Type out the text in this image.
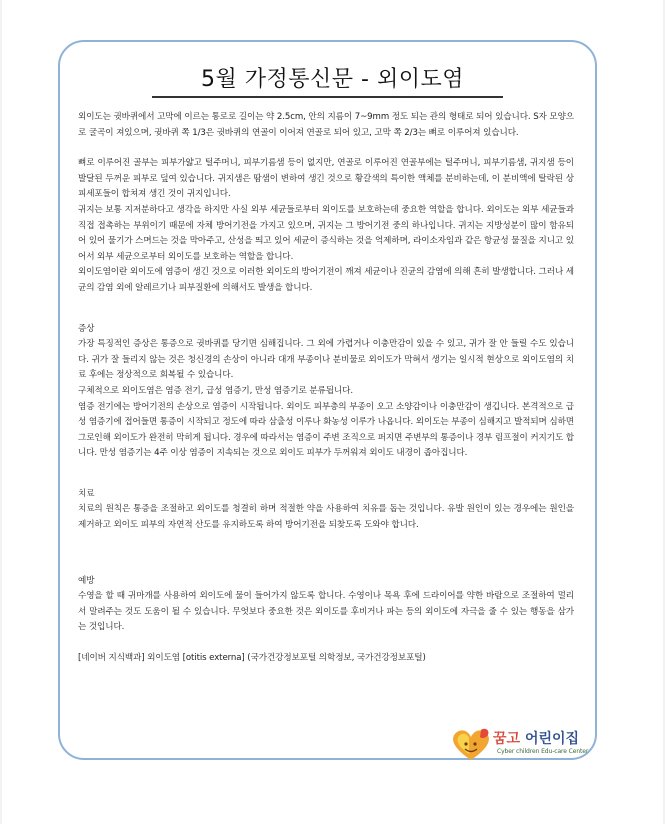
5월 가정통신문 - 외이도염

외이도는 귓바퀴에서 고막에 이르는 통로로 길이는 약 2.5cm, 안의 지름이 7~9mm 정도 되는 관의 형태로 되어 있습니다. S자 모양으로 굴곡이 져있으며, 귓바퀴 쪽 1/3은 귓바퀴의 연골이 이어져 연골로 되어 있고, 고막 쪽 2/3는 뼈로 이루어져 있습니다.

뼈로 이루어진 골부는 피부가얇고 털주머니, 피부기름샘 등이 없지만, 연골로 이루어진 연골부에는 털주머니, 피부기름샘, 귀지샘 등이 발달된 두꺼운 피부로 덮여 있습니다. 귀지샘은 땀샘이 변하여 생긴 것으로 황갈색의 특이한 액체를 분비하는데, 이 분비액에 탈락된 상피세포들이 합쳐져 생긴 것이 귀지입니다.

귀지는 보통 지저분하다고 생각을 하지만 사실 외부 세균들로부터 외이도를 보호하는데 중요한 역할을 합니다. 외이도는 외부 세균들과 직접 접촉하는 부위이기 때문에 자체 방어기전을 가지고 있으며, 귀지는 그 방어기전 중의 하나입니다. 귀지는 지방성분이 많이 함유되어 있어 물기가 스며드는 것을 막아주고, 산성을 띄고 있어 세균이 증식하는 것을 억제하며, 라이소자임과 같은 항균성 물질을 지니고 있어서 외부 세균으로부터 외이도를 보호하는 역할을 합니다.

외이도염이란 외이도에 염증이 생긴 것으로 이러한 외이도의 방어기전이 깨져 세균이나 진균의 감염에 의해 흔히 발생합니다. 그러나 세균의 감염 외에 알레르기나 피부질환에 의해서도 발생을 합니다.

증상

가장 특징적인 증상은 통증으로 귓바퀴를 당기면 심해집니다. 그 외에 가렵거나 이충만감이 있을 수 있고, 귀가 잘 안 들릴 수도 있습니다. 귀가 잘 들리지 않는 것은 청신경의 손상이 아니라 대개 부종이나 분비물로 외이도가 막혀서 생기는 일시적 현상으로 외이도염의 치료 후에는 정상적으로 회복될 수 있습니다.

구체적으로 외이도염은 염증 전기, 급성 염증기, 만성 염증기로 분류됩니다.

염증 전기에는 방어기전의 손상으로 염증이 시작됩니다. 외이도 피부층의 부종이 오고 소양감이나 이충만감이 생깁니다. 본격적으로 급성 염증기에 접어들면 통증이 시작되고 정도에 따라 삼출성 이루나 화농성 이루가 나옵니다. 외이도는 부종이 심해지고 발적되며 심하면 그로인해 외이도가 완전히 막히게 됩니다. 경우에 따라서는 염증이 주변 조직으로 퍼지면 주변부의 통증이나 경부 림프절이 커지기도 합니다. 만성 염증기는 4주 이상 염증이 지속되는 것으로 외이도 피부가 두꺼워져 외이도 내경이 좁아집니다.

치료

치료의 원칙은 통증을 조절하고 외이도를 청결히 하며 적절한 약을 사용하여 치유를 돕는 것입니다. 유발 원인이 있는 경우에는 원인을 제거하고 외이도 피부의 자연적 산도를 유지하도록 하여 방어기전을 되찾도록 도와야 합니다.

예방

수영을 할 때 귀마개를 사용하여 외이도에 물이 들어가지 않도록 합니다. 수영이나 목욕 후에 드라이어를 약한 바람으로 조절하여 멀리서 말려주는 것도 도움이 될 수 있습니다. 무엇보다 중요한 것은 외이도를 후비거나 파는 등의 외이도에 자극을 줄 수 있는 행동을 삼가는 것입니다.

[네이버 지식백과] 외이도염 [otitis externa] (국가건강정보포털 의학정보, 국가건강정보포털)

꿈고 어린이집
Cyber children Edu-care Center
